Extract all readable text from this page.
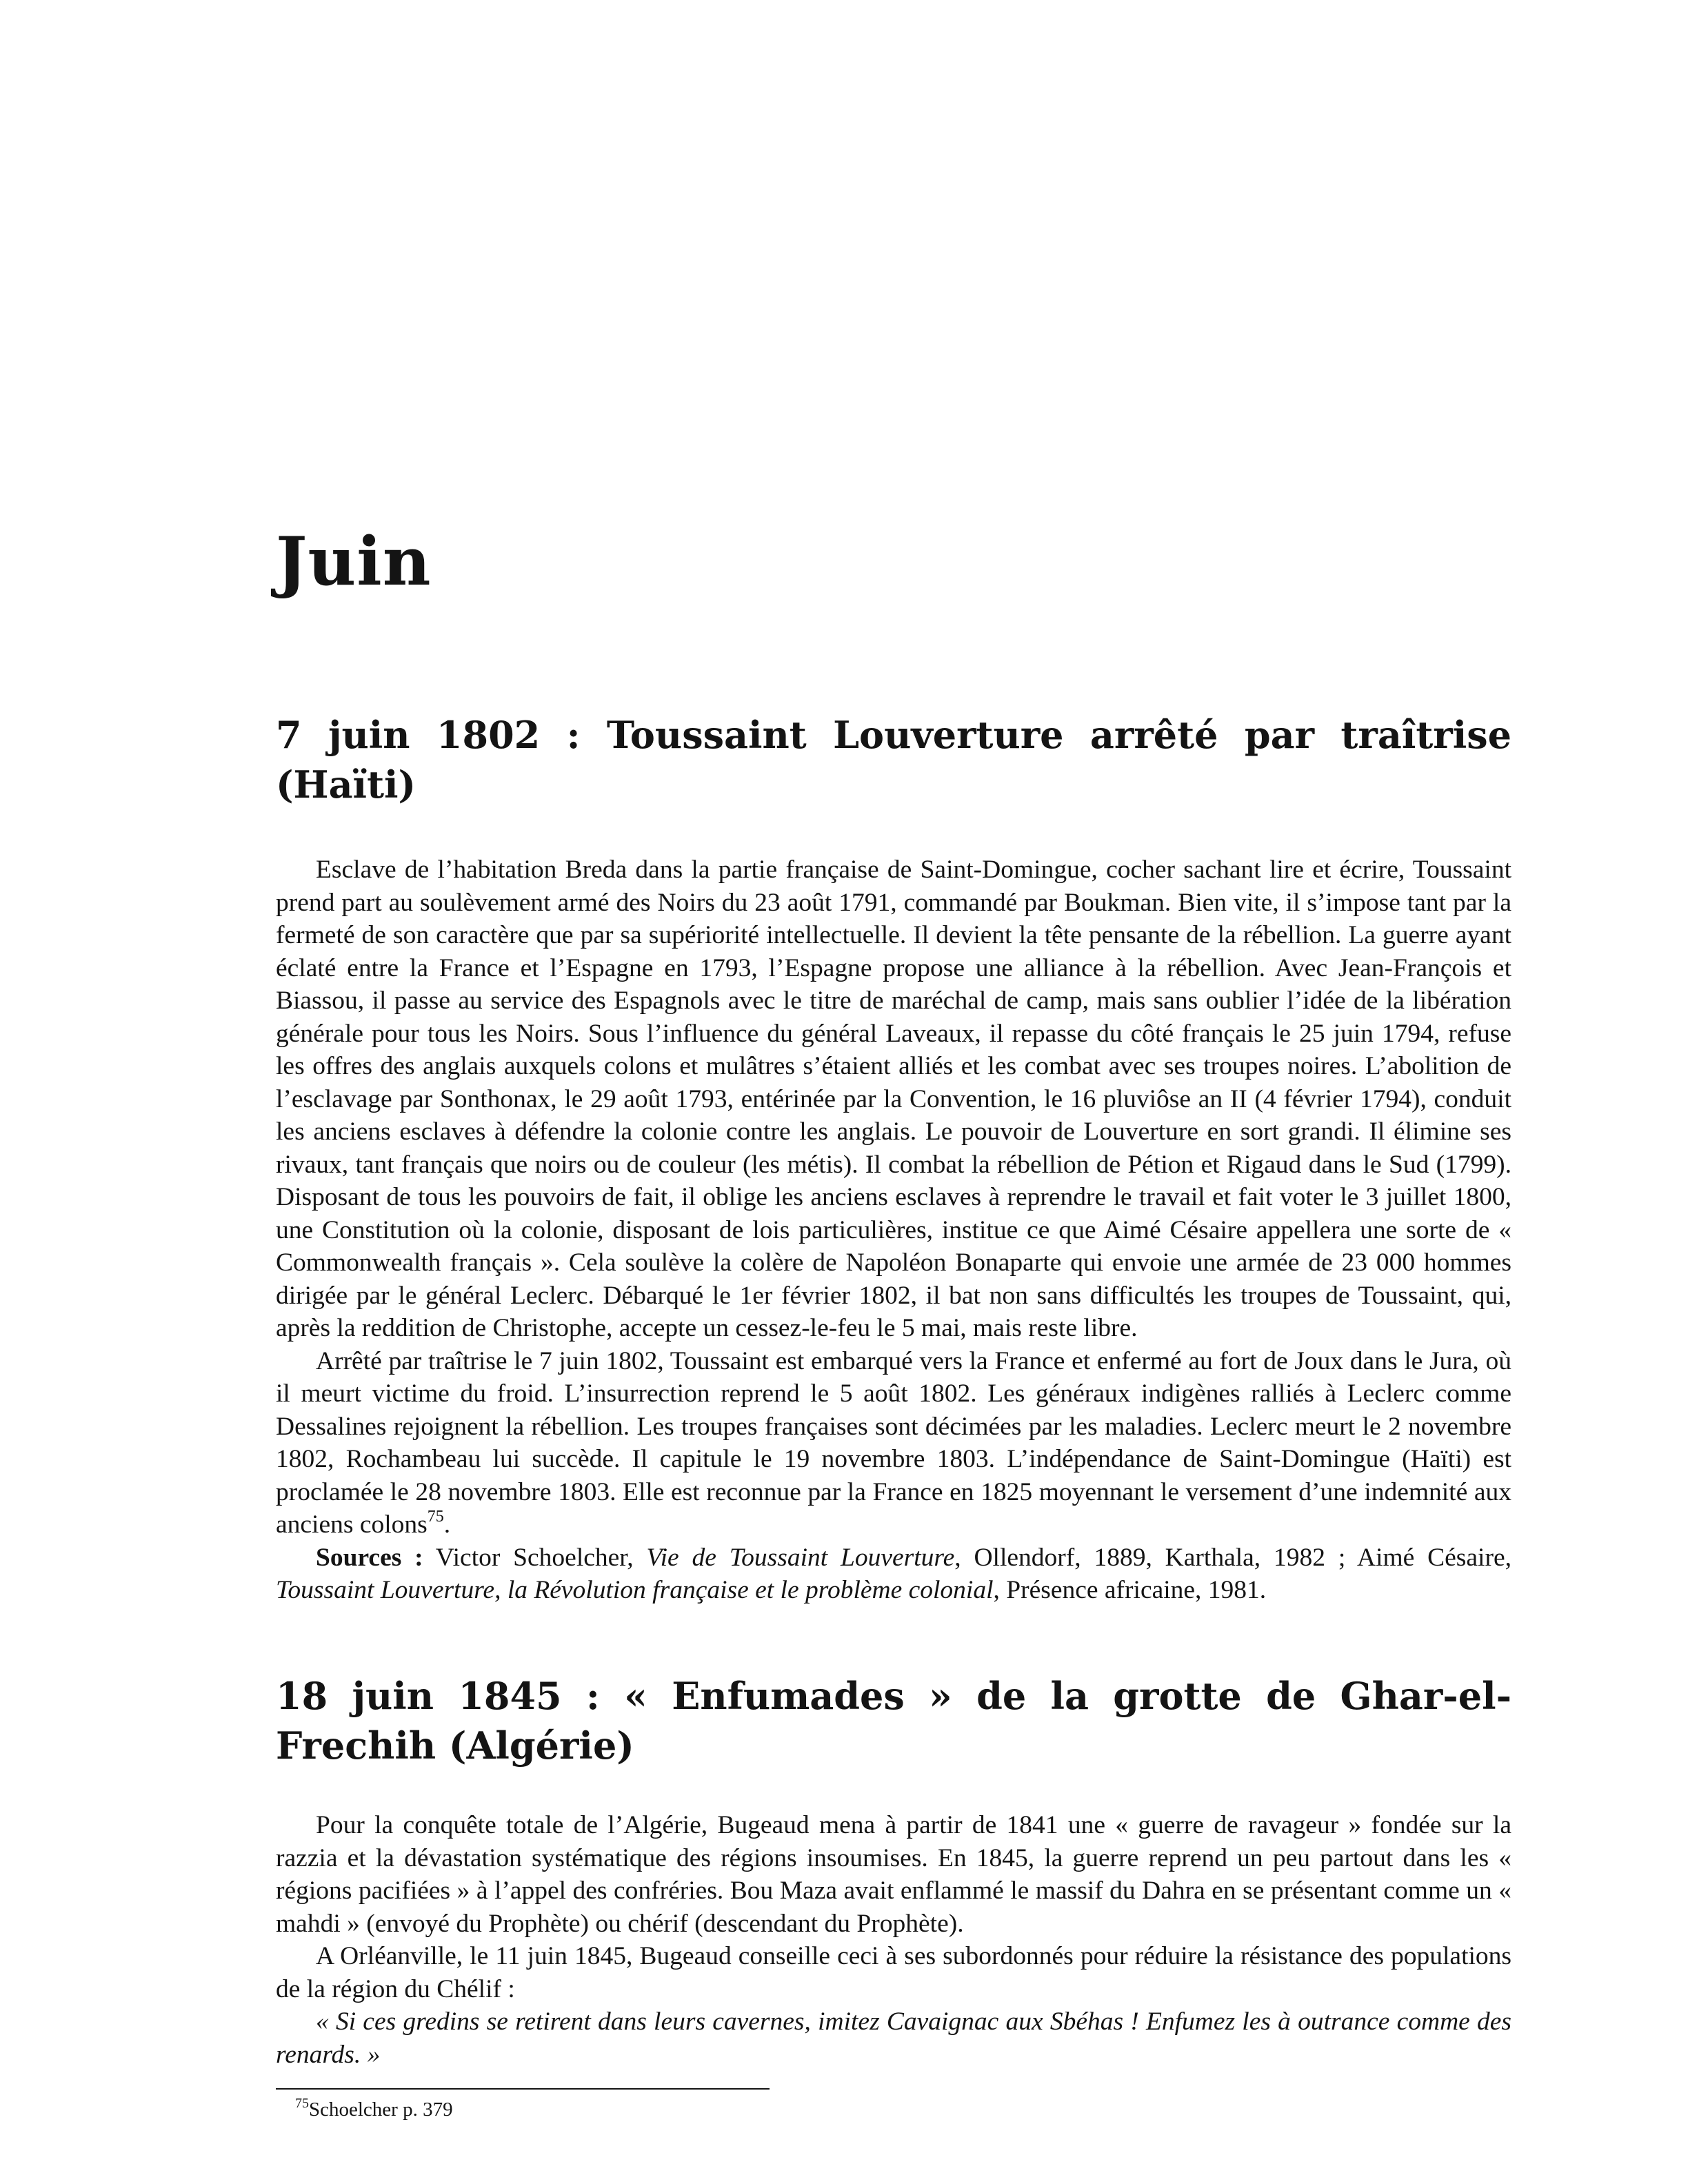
Juin
7 juin 1802 : Toussaint Louverture arrêté par traîtrise (Haïti)

Esclave de l’habitation Breda dans la partie française de Saint-Domingue, cocher sachant lire et écrire, Toussaint prend part au soulèvement armé des Noirs du 23 août 1791, commandé par Boukman. Bien vite, il s’impose tant par la fermeté de son caractère que par sa supériorité intellectuelle. Il devient la tête pensante de la rébellion. La guerre ayant éclaté entre la France et l’Espagne en 1793, l’Espagne propose une alliance à la rébellion. Avec Jean-François et Biassou, il passe au service des Espagnols avec le titre de maréchal de camp, mais sans oublier l’idée de la libération générale pour tous les Noirs. Sous l’influence du général Laveaux, il repasse du côté français le 25 juin 1794, refuse les offres des anglais auxquels colons et mulâtres s’étaient alliés et les combat avec ses troupes noires. L’abolition de l’esclavage par Sonthonax, le 29 août 1793, entérinée par la Convention, le 16 pluviôse an II (4 février 1794), conduit les anciens esclaves à défendre la colonie contre les anglais. Le pouvoir de Louverture en sort grandi. Il élimine ses rivaux, tant français que noirs ou de couleur (les métis). Il combat la rébellion de Pétion et Rigaud dans le Sud (1799). Disposant de tous les pouvoirs de fait, il oblige les anciens esclaves à reprendre le travail et fait voter le 3 juillet 1800, une Constitution où la colonie, disposant de lois particulières, institue ce que Aimé Césaire appellera une sorte de « Commonwealth français ». Cela soulève la colère de Napoléon Bonaparte qui envoie une armée de 23 000 hommes dirigée par le général Leclerc. Débarqué le 1er février 1802, il bat non sans difficultés les troupes de Toussaint, qui, après la reddition de Christophe, accepte un cessez-le-feu le 5 mai, mais reste libre.

Arrêté par traîtrise le 7 juin 1802, Toussaint est embarqué vers la France et enfermé au fort de Joux dans le Jura, où il meurt victime du froid. L’insurrection reprend le 5 août 1802. Les généraux indigènes ralliés à Leclerc comme Dessalines rejoignent la rébellion. Les troupes françaises sont décimées par les maladies. Leclerc meurt le 2 novembre 1802, Rochambeau lui succède. Il capitule le 19 novembre 1803. L’indépendance de Saint-Domingue (Haïti) est proclamée le 28 novembre 1803. Elle est reconnue par la France en 1825 moyennant le versement d’une indemnité aux anciens colons$^{75}$.

Sources : Victor Schoelcher, Vie de Toussaint Louverture, Ollendorf, 1889, Karthala, 1982 ; Aimé Césaire, Toussaint Louverture, la Révolution française et le problème colonial, Présence africaine, 1981.

18 juin 1845 : « Enfumades » de la grotte de Ghar-el-Frechih (Algérie)

Pour la conquête totale de l’Algérie, Bugeaud mena à partir de 1841 une « guerre de ravageur » fondée sur la razzia et la dévastation systématique des régions insoumises. En 1845, la guerre reprend un peu partout dans les « régions pacifiées » à l’appel des confréries. Bou Maza avait enflammé le massif du Dahra en se présentant comme un « mahdi » (envoyé du Prophète) ou chérif (descendant du Prophète).

A Orléanville, le 11 juin 1845, Bugeaud conseille ceci à ses subordonnés pour réduire la résistance des populations de la région du Chélif :

« Si ces gredins se retirent dans leurs cavernes, imitez Cavaignac aux Sbéhas ! Enfumez les à outrance comme des renards. »

$^{75}$Schoelcher p. 379
